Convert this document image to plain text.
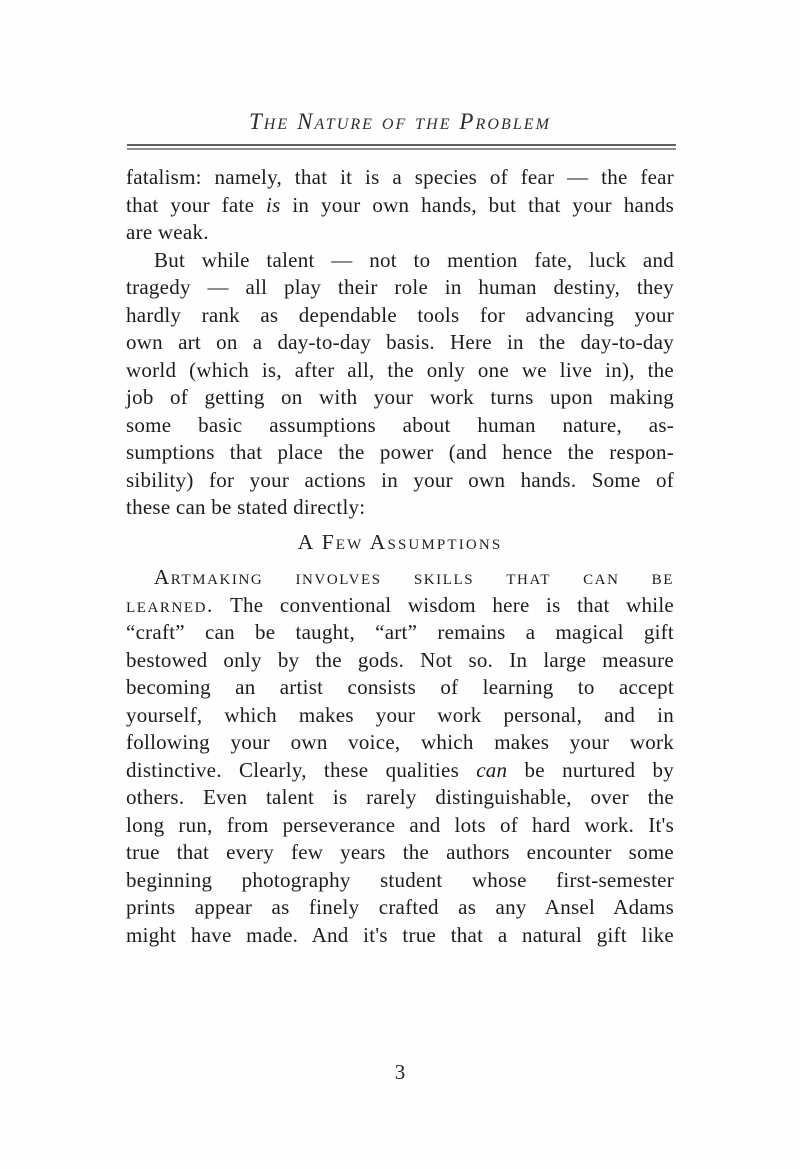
The Nature of the Problem
fatalism: namely, that it is a species of fear — the fear
that your fate is in your own hands, but that your hands
are weak.
But while talent — not to mention fate, luck and
tragedy — all play their role in human destiny, they
hardly rank as dependable tools for advancing your
own art on a day-to-day basis. Here in the day-to-day
world (which is, after all, the only one we live in), the
job of getting on with your work turns upon making
some basic assumptions about human nature, as-
sumptions that place the power (and hence the respon-
sibility) for your actions in your own hands. Some of
these can be stated directly:
A Few Assumptions
Artmaking involves skills that can be
learned. The conventional wisdom here is that while
“craft” can be taught, “art” remains a magical gift
bestowed only by the gods. Not so. In large measure
becoming an artist consists of learning to accept
yourself, which makes your work personal, and in
following your own voice, which makes your work
distinctive. Clearly, these qualities can be nurtured by
others. Even talent is rarely distinguishable, over the
long run, from perseverance and lots of hard work. It's
true that every few years the authors encounter some
beginning photography student whose first-semester
prints appear as finely crafted as any Ansel Adams
might have made. And it's true that a natural gift like
3
